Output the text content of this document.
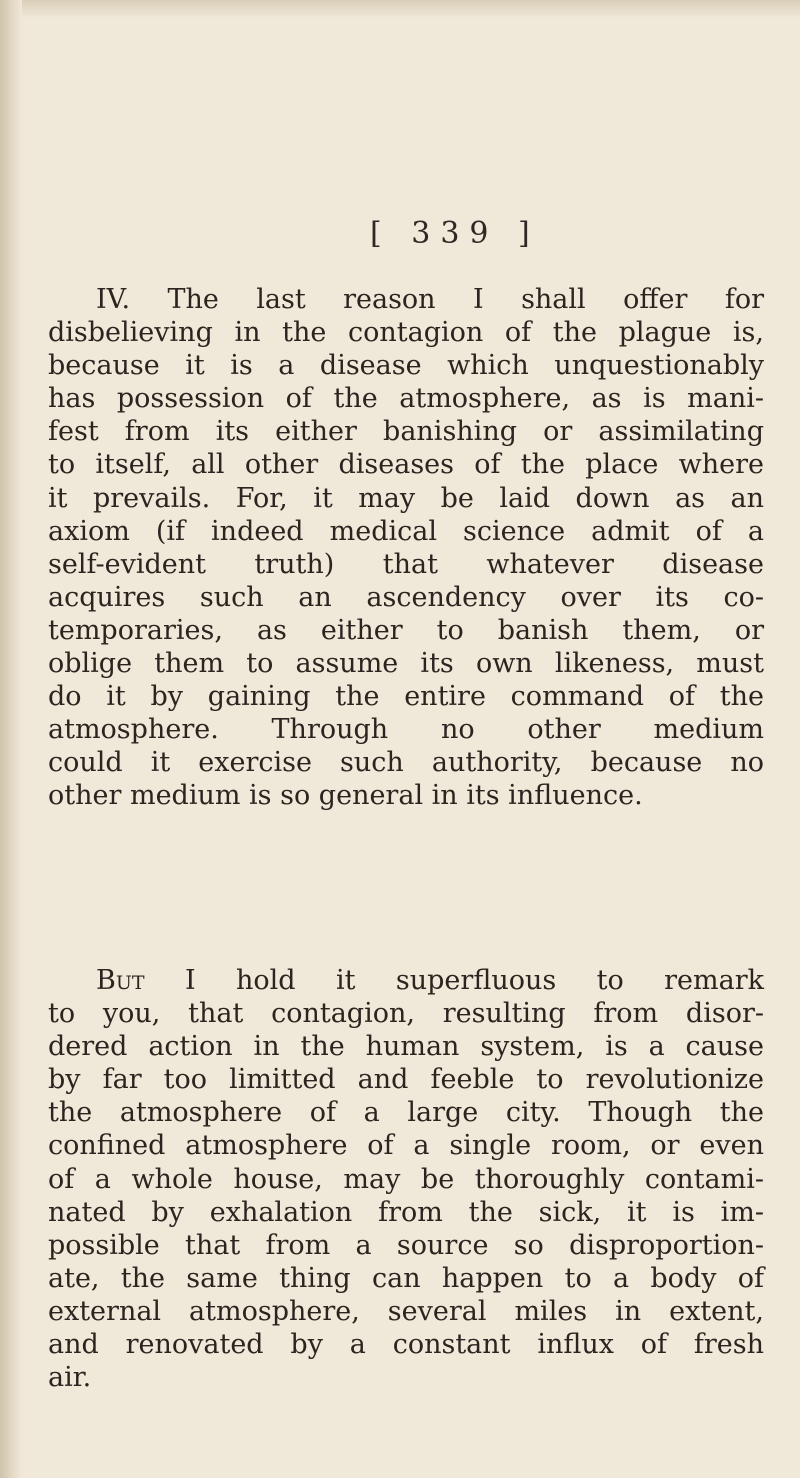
[ 339 ]

IV. The last reason I shall offer for
disbelieving in the contagion of the plague is,
because it is a disease which unquestionably
has possession of the atmosphere, as is mani-
fest from its either banishing or assimilating
to itself, all other diseases of the place where
it prevails. For, it may be laid down as an
axiom (if indeed medical science admit of a
self-evident truth) that whatever disease
acquires such an ascendency over its co-
temporaries, as either to banish them, or
oblige them to assume its own likeness, must
do it by gaining the entire command of the
atmosphere. Through no other medium
could it exercise such authority, because no
other medium is so general in its influence.

But I hold it superfluous to remark
to you, that contagion, resulting from disor-
dered action in the human system, is a cause
by far too limitted and feeble to revolutionize
the atmosphere of a large city. Though the
confined atmosphere of a single room, or even
of a whole house, may be thoroughly contami-
nated by exhalation from the sick, it is im-
possible that from a source so disproportion-
ate, the same thing can happen to a body of
external atmosphere, several miles in extent,
and renovated by a constant influx of fresh
air.
